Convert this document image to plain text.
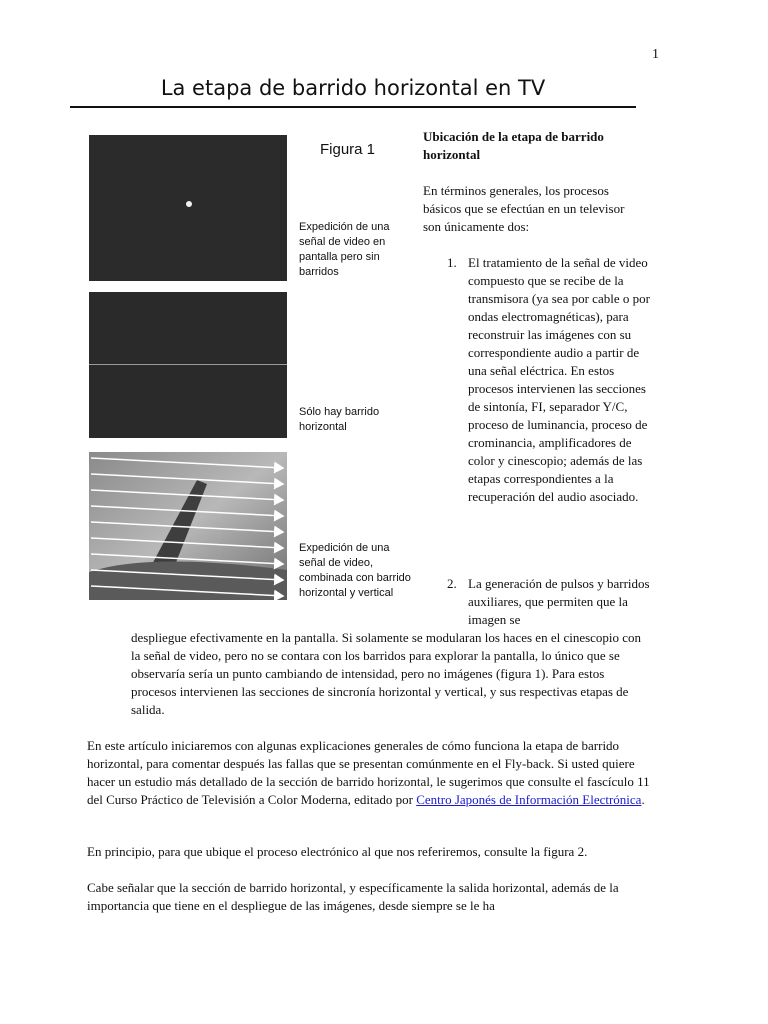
1
La etapa de barrido horizontal en TV
Figura 1
Expedición de una señal de video en pantalla pero sin barridos
Sólo hay barrido horizontal
Expedición de una señal de video, combinada con barrido horizontal y vertical
Ubicación de la etapa de barrido horizontal
En términos generales, los procesos básicos que se efectúan en un televisor son únicamente dos:
1. El tratamiento de la señal de video compuesto que se recibe de la transmisora (ya sea por cable o por ondas electromagnéticas), para reconstruir las imágenes con su correspondiente audio a partir de una señal eléctrica. En estos procesos intervienen las secciones de sintonía, FI, separador Y/C, proceso de luminancia, proceso de crominancia, amplificadores de color y cinescopio; además de las etapas correspondientes a la recuperación del audio asociado.
2. La generación de pulsos y barridos auxiliares, que permiten que la imagen se
despliegue efectivamente en la pantalla. Si solamente se modularan los haces en el cinescopio con la señal de video, pero no se contara con los barridos para explorar la pantalla, lo único que se observaría sería un punto cambiando de intensidad, pero no imágenes (figura 1). Para estos procesos intervienen las secciones de sincronía horizontal y vertical, y sus respectivas etapas de salida.
En este artículo iniciaremos con algunas explicaciones generales de cómo funciona la etapa de barrido horizontal, para comentar después las fallas que se presentan comúnmente en el Fly-back. Si usted quiere hacer un estudio más detallado de la sección de barrido horizontal, le sugerimos que consulte el fascículo 11 del Curso Práctico de Televisión a Color Moderna, editado por Centro Japonés de Información Electrónica.
En principio, para que ubique el proceso electrónico al que nos referiremos, consulte la figura 2.
Cabe señalar que la sección de barrido horizontal, y específicamente la salida horizontal, además de la importancia que tiene en el despliegue de las imágenes, desde siempre se le ha
